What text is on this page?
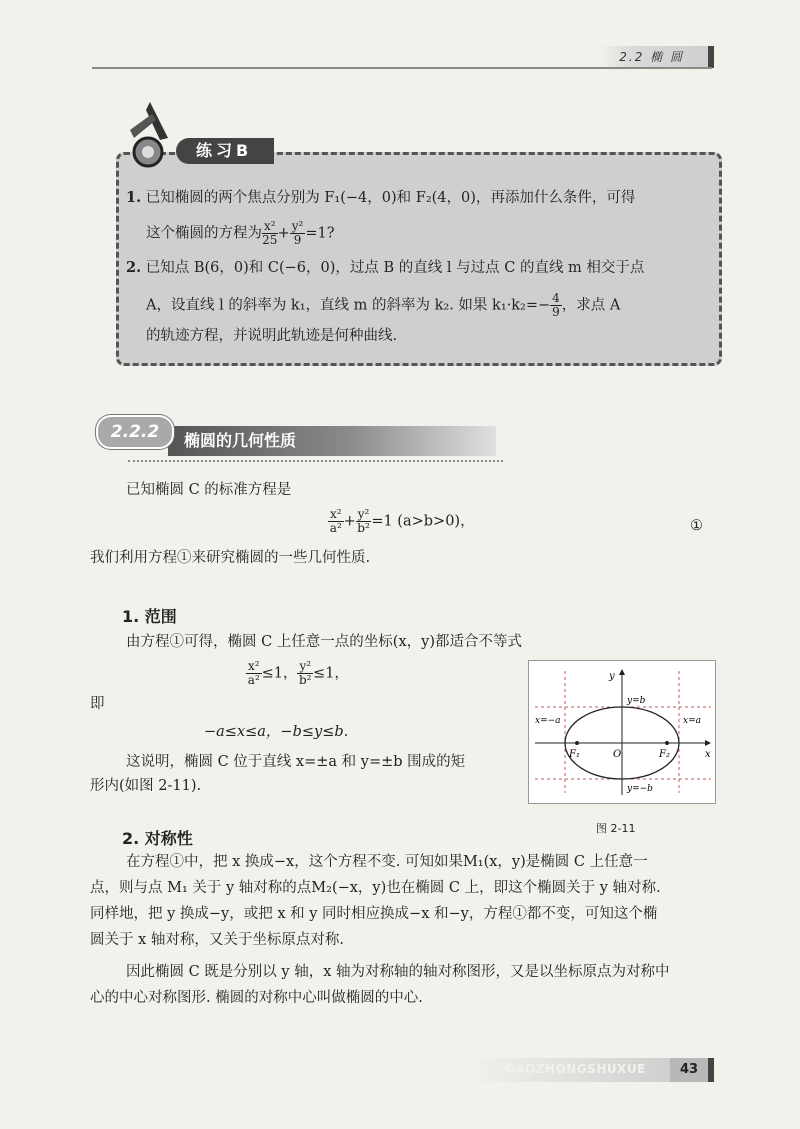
2.2 椭 圆
练习B
1. 已知椭圆的两个焦点分别为 F₁(−4，0)和 F₂(4，0)，再添加什么条件，可得
这个椭圆的方程为 $\frac{\text{x²}}{25} + \frac{\text{y²}}{9} =1$?
2. 已知点 B(6，0)和 C(−6，0)，过点 B 的直线 l 与过点 C 的直线 m 相交于点
A，设直线 l 的斜率为 k₁，直线 m 的斜率为 k₂. 如果 $k_1\cdot k_2=- \frac{4}{9}$ ，求点 A
的轨迹方程，并说明此轨迹是何种曲线.
2.2.2	椭圆的几何性质
已知椭圆 C 的标准方程是
$\frac{\text{x²}}{\text{a²}} + \frac{\text{y²}}{\text{b²}} =1$ (a>b>0)，	①
我们利用方程①来研究椭圆的一些几何性质.
1. 范围
由方程①可得，椭圆 C 上任意一点的坐标(x，y)都适合不等式
$\frac{\text{x²}}{\text{a²}} \le 1$， $\frac{\text{y²}}{\text{b²}} \le 1$，
即
−a≤x≤a，−b≤y≤b.
这说明，椭圆 C 位于直线 x=±a 和 y=±b 围成的矩
形内(如图 2-11).
y
x
O
F₁	F₂
y=b
y=−b
x=−a	x=a
图 2-11
2. 对称性
在方程①中，把 x 换成−x，这个方程不变. 可知如果M₁(x，y)是椭圆 C 上任意一
点，则与点 M₁ 关于 y 轴对称的点M₂(−x，y)也在椭圆 C 上，即这个椭圆关于 y 轴对称.
同样地，把 y 换成−y，或把 x 和 y 同时相应换成−x 和−y，方程①都不变，可知这个椭
圆关于 x 轴对称，又关于坐标原点对称.
因此椭圆 C 既是分别以 y 轴，x 轴为对称轴的轴对称图形，又是以坐标原点为对称中
心的中心对称图形. 椭圆的对称中心叫做椭圆的中心.
GAOZHONGSHUXUE	43
